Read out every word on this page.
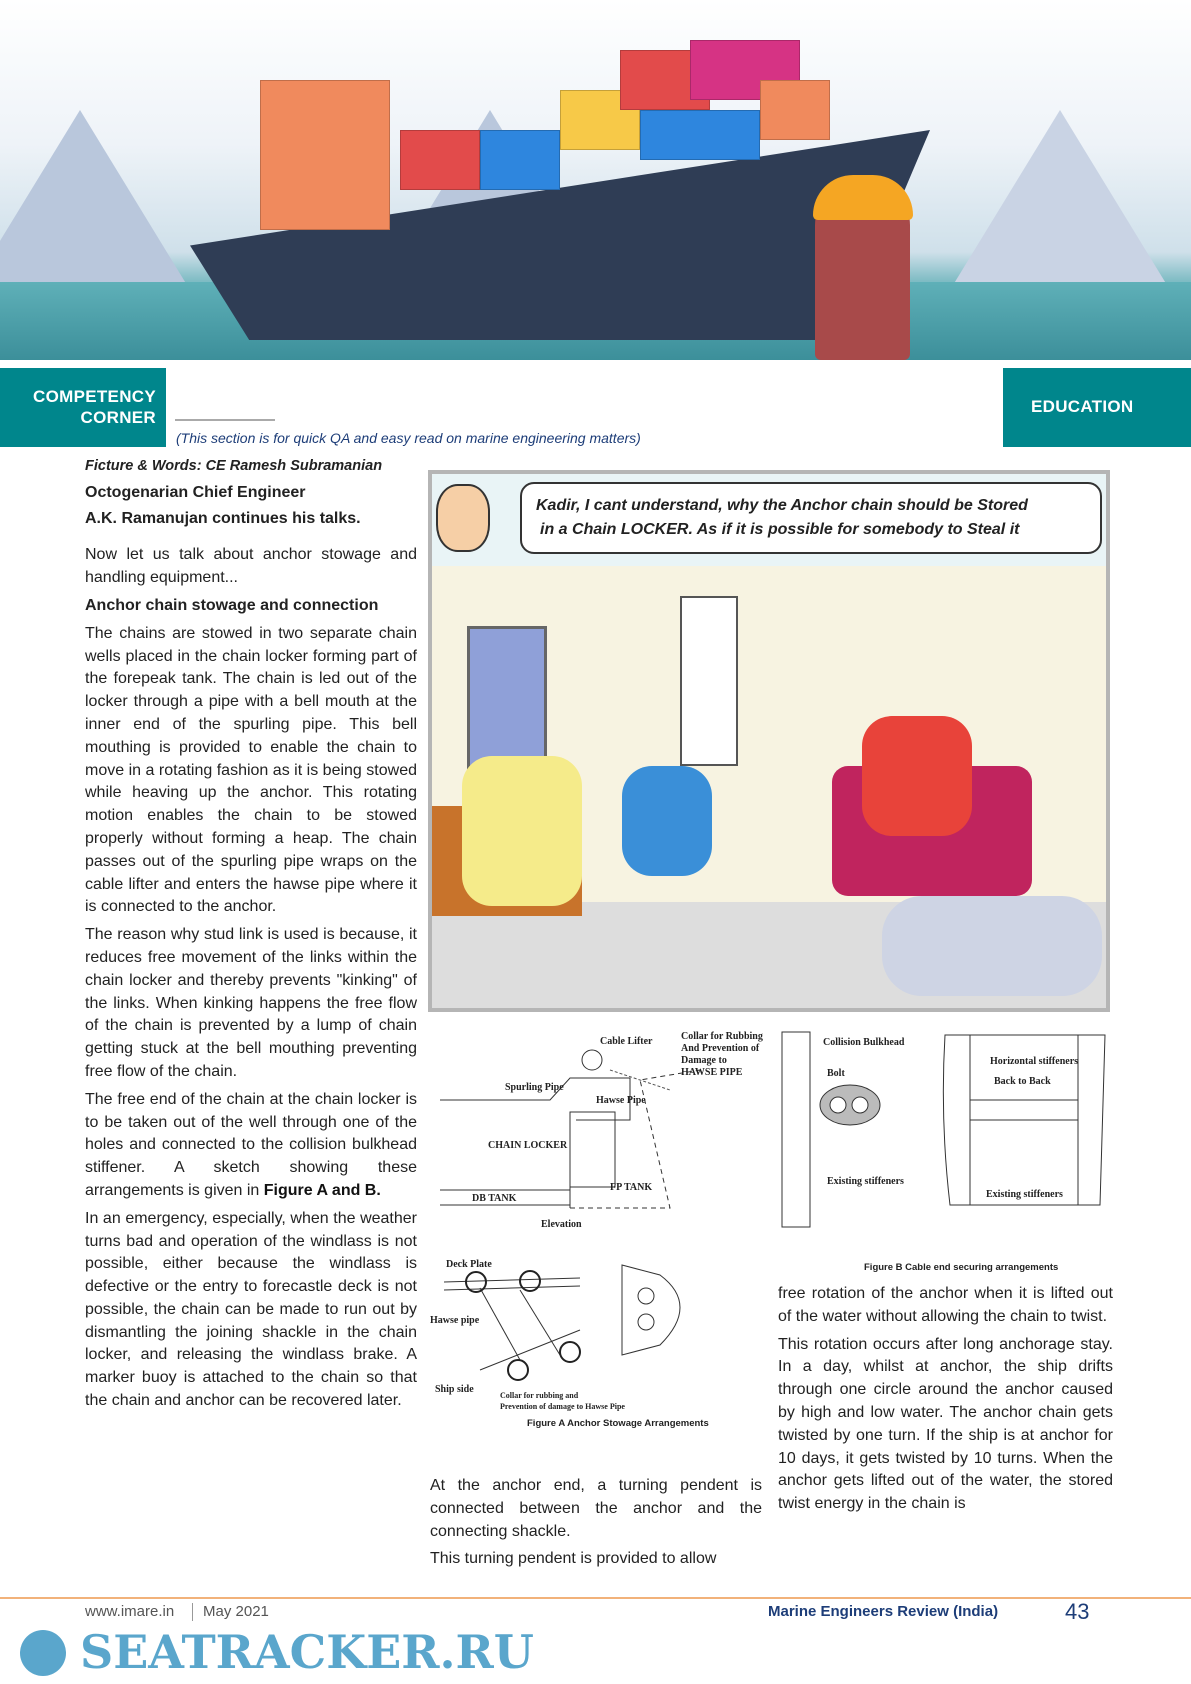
COMPETENCY
CORNER
EDUCATION
(This section is for quick QA and easy read on marine engineering matters)
Ficture & Words: CE Ramesh Subramanian
Octogenarian Chief Engineer
A.K. Ramanujan continues his talks.

Now let us talk about anchor stowage and handling equipment...

Anchor chain stowage and connection

The chains are stowed in two separate chain wells placed in the chain locker forming part of the forepeak tank. The chain is led out of the locker through a pipe with a bell mouth at the inner end of the spurling pipe. This bell mouthing is provided to enable the chain to move in a rotating fashion as it is being stowed while heaving up the anchor. This rotating motion enables the chain to be stowed properly without forming a heap. The chain passes out of the spurling pipe wraps on the cable lifter and enters the hawse pipe where it is connected to the anchor.

The reason why stud link is used is because, it reduces free movement of the links within the chain locker and thereby prevents "kinking" of the links. When kinking happens the free flow of the chain is prevented by a lump of chain getting stuck at the bell mouthing preventing free flow of the chain.

The free end of the chain at the chain locker is to be taken out of the well through one of the holes and connected to the collision bulkhead stiffener. A sketch showing these arrangements is given in Figure A and B.

In an emergency, especially, when the weather turns bad and operation of the windlass is not possible, either because the windlass is defective or the entry to forecastle deck is not possible, the chain can be made to run out by dismantling the joining shackle in the chain locker, and releasing the windlass brake. A marker buoy is attached to the chain so that the chain and anchor can be recovered later.

Kadir, I cant understand, why the Anchor chain should be Stored
in a Chain LOCKER. As if it is possible for somebody to Steal it
Cable Lifter	Collar for Rubbing
And Prevention of
Damage to
HAWSE PIPE
Spurling Pipe
Hawse Pipe
CHAIN LOCKER
FP TANK
DB TANK
Elevation
Deck Plate
Hawse pipe
Ship side
Collar for rubbing and
Prevention of damage to Hawse Pipe
Figure A Anchor Stowage Arrangements
Collision Bulkhead
Bolt
Existing stiffeners
Horizontal stiffeners
Back to Back
Existing stiffeners
Figure B Cable end securing arrangements

At the anchor end, a turning pendent is connected between the anchor and the connecting shackle.

This turning pendent is provided to allow

free rotation of the anchor when it is lifted out of the water without allowing the chain to twist.

This rotation occurs after long anchorage stay. In a day, whilst at anchor, the ship drifts through one circle around the anchor caused by high and low water. The anchor chain gets twisted by one turn. If the ship is at anchor for 10 days, it gets twisted by 10 turns. When the anchor gets lifted out of the water, the stored twist energy in the chain is

www.imare.in	May 2021	Marine Engineers Review (India)	43
SEATRACKER.RU
